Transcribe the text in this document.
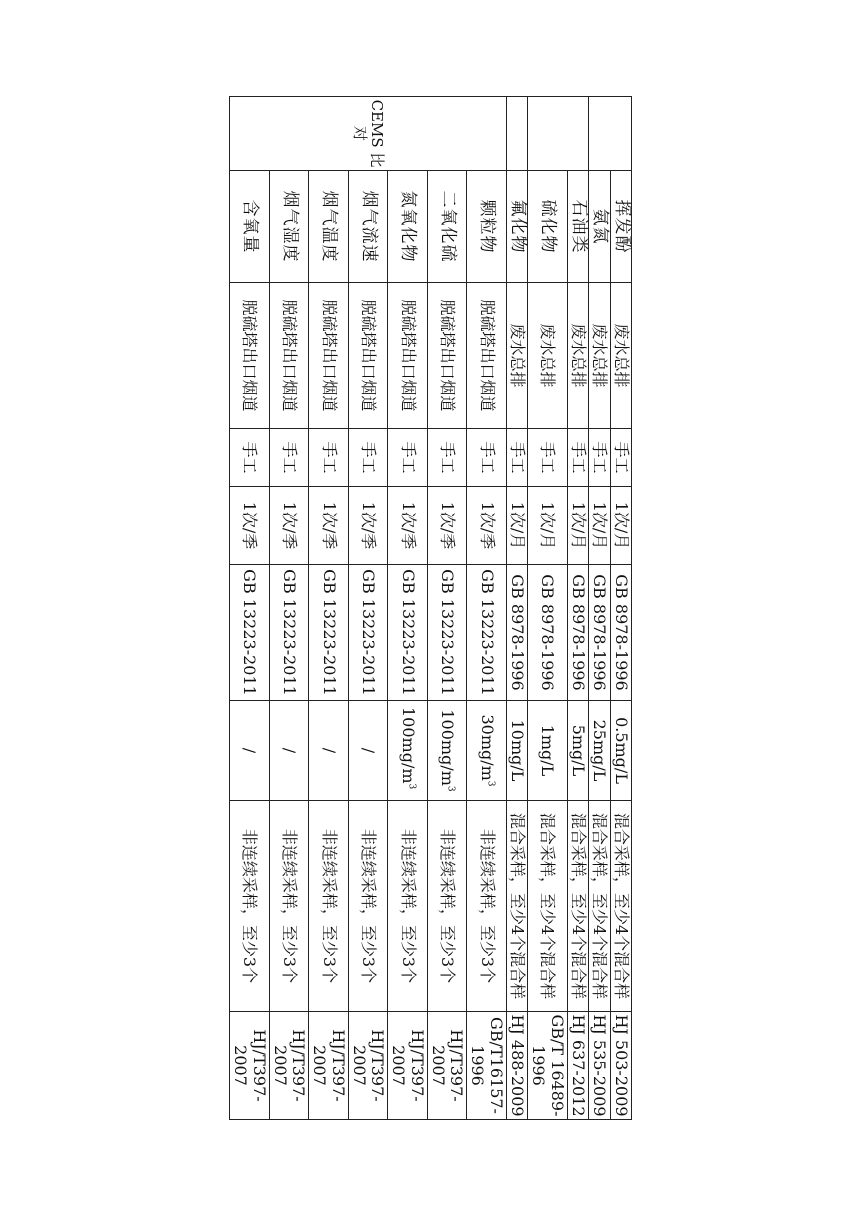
	挥发酚	废水总排	手工	1次/月	GB 8978-1996	0.5mg/L	混合采样，至少4个混合样	HJ 503-2009
	氨氮	废水总排	手工	1次/月	GB 8978-1996	25mg/L	混合采样，至少4个混合样	HJ 535-2009
	石油类	废水总排	手工	1次/月	GB 8978-1996	5mg/L	混合采样，至少4个混合样	HJ 637-2012
	硫化物	废水总排	手工	1次/月	GB 8978-1996	1mg/L	混合采样，至少4个混合样	GB/T 16489-1996
	氟化物	废水总排	手工	1次/月	GB 8978-1996	10mg/L	混合采样，至少4个混合样	HJ 488-2009
CEMS 比对	颗粒物	脱硫塔出口烟道	手工	1次/季	GB 13223-2011	$30mg/m^3$	非连续采样，至少3个	GB/T16157-1996
	二氧化硫	脱硫塔出口烟道	手工	1次/季	GB 13223-2011	$100mg/m^3$	非连续采样，至少3个	HJ/T397-2007
	氮氧化物	脱硫塔出口烟道	手工	1次/季	GB 13223-2011	$100mg/m^3$	非连续采样，至少3个	HJ/T397-2007
	烟气流速	脱硫塔出口烟道	手工	1次/季	GB 13223-2011	/	非连续采样，至少3个	HJ/T397-2007
	烟气温度	脱硫塔出口烟道	手工	1次/季	GB 13223-2011	/	非连续采样，至少3个	HJ/T397-2007
	烟气湿度	脱硫塔出口烟道	手工	1次/季	GB 13223-2011	/	非连续采样，至少3个	HJ/T397-2007
	含氧量	脱硫塔出口烟道	手工	1次/季	GB 13223-2011	/	非连续采样，至少3个	HJ/T397-2007
